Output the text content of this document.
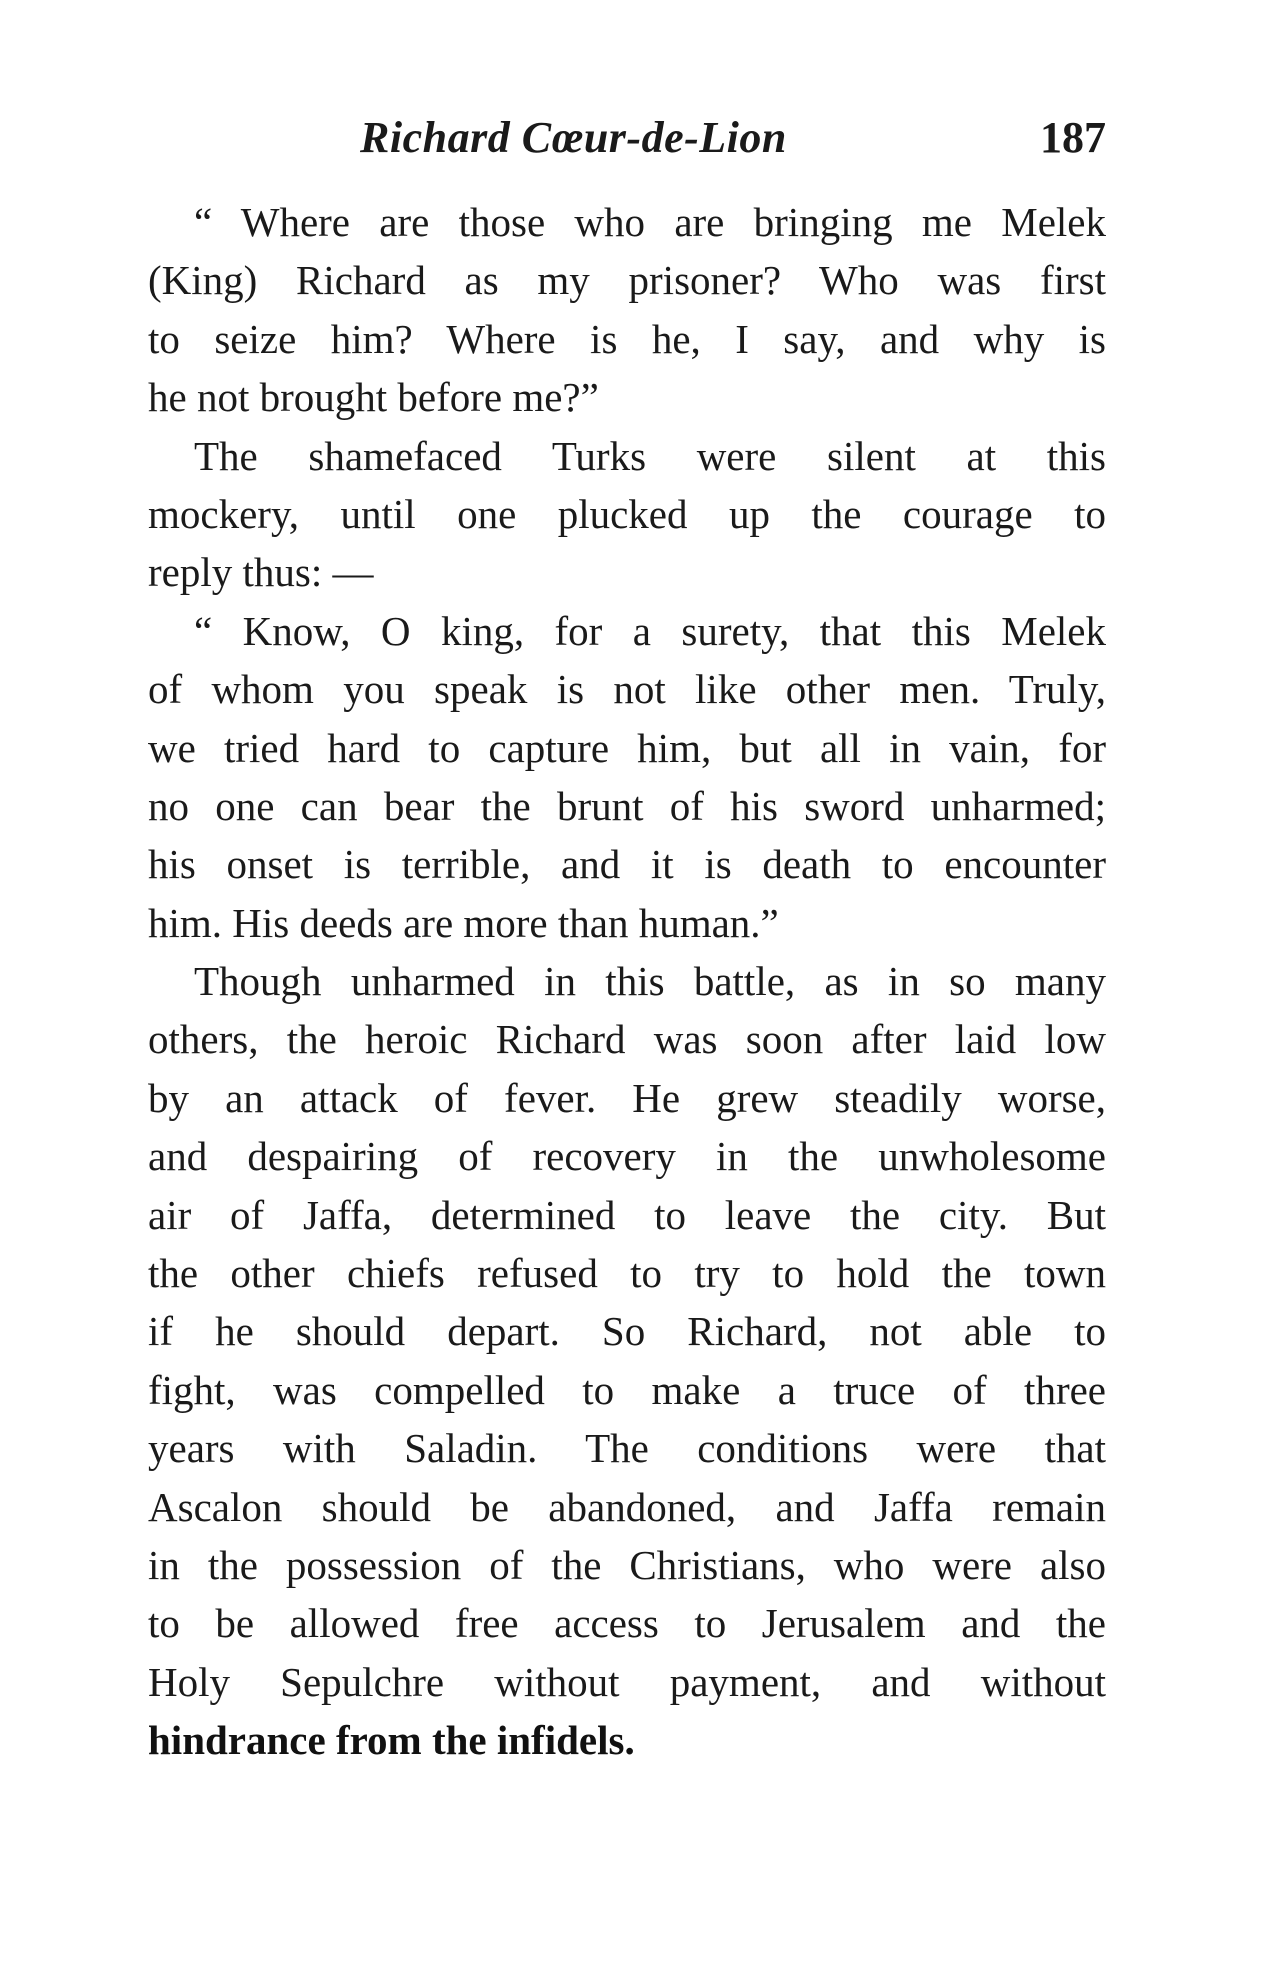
Richard Cœur-de-Lion	187
“ Where are those who are bringing me Melek
(King) Richard as my prisoner? Who was first
to seize him? Where is he, I say, and why is
he not brought before me?”
The shamefaced Turks were silent at this
mockery, until one plucked up the courage to
reply thus: —
“ Know, O king, for a surety, that this Melek
of whom you speak is not like other men. Truly,
we tried hard to capture him, but all in vain, for
no one can bear the brunt of his sword unharmed;
his onset is terrible, and it is death to encounter
him. His deeds are more than human.”
Though unharmed in this battle, as in so many
others, the heroic Richard was soon after laid low
by an attack of fever. He grew steadily worse,
and despairing of recovery in the unwholesome
air of Jaffa, determined to leave the city. But
the other chiefs refused to try to hold the town
if he should depart. So Richard, not able to
fight, was compelled to make a truce of three
years with Saladin. The conditions were that
Ascalon should be abandoned, and Jaffa remain
in the possession of the Christians, who were also
to be allowed free access to Jerusalem and the
Holy Sepulchre without payment, and without
hindrance from the infidels.
